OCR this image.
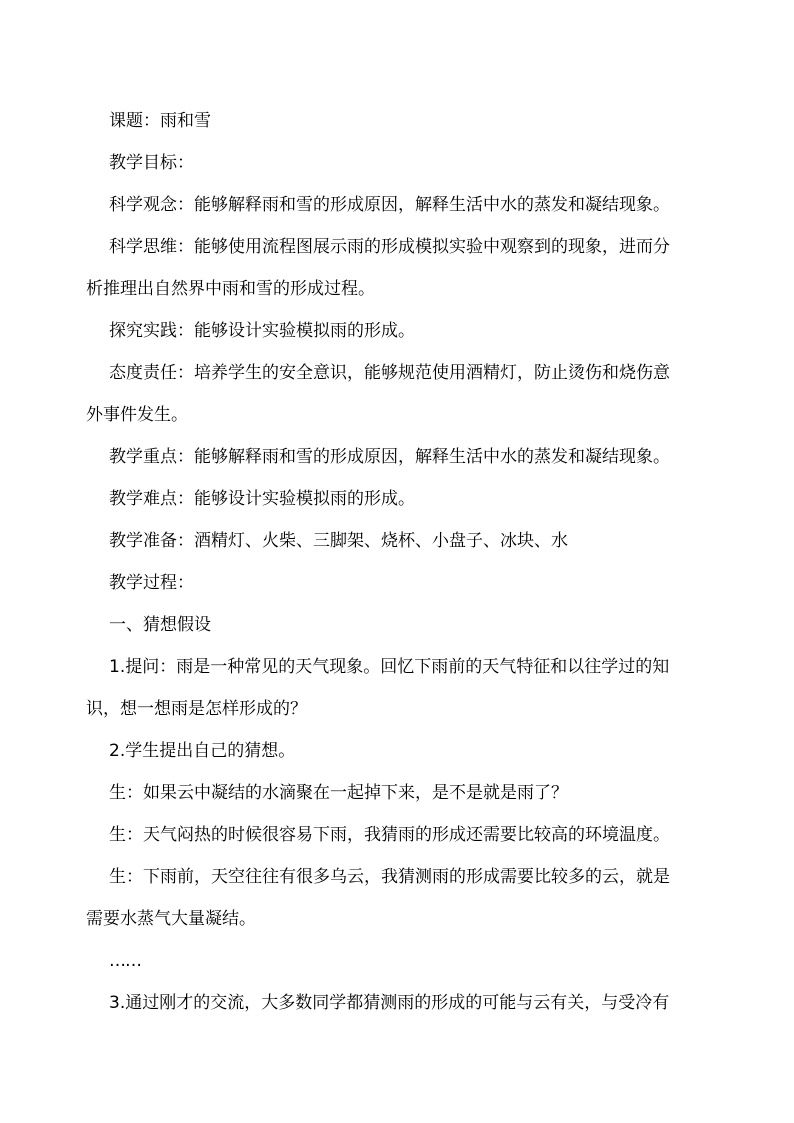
课题：雨和雪

教学目标：

科学观念：能够解释雨和雪的形成原因，解释生活中水的蒸发和凝结现象。

科学思维：能够使用流程图展示雨的形成模拟实验中观察到的现象，进而分

析推理出自然界中雨和雪的形成过程。

探究实践：能够设计实验模拟雨的形成。

态度责任：培养学生的安全意识，能够规范使用酒精灯，防止烫伤和烧伤意

外事件发生。

教学重点：能够解释雨和雪的形成原因，解释生活中水的蒸发和凝结现象。

教学难点：能够设计实验模拟雨的形成。

教学准备：酒精灯、火柴、三脚架、烧杯、小盘子、冰块、水

教学过程：

一、猜想假设

1.提问：雨是一种常见的天气现象。回忆下雨前的天气特征和以往学过的知

识，想一想雨是怎样形成的？

2.学生提出自己的猜想。

生：如果云中凝结的水滴聚在一起掉下来，是不是就是雨了？

生：天气闷热的时候很容易下雨，我猜雨的形成还需要比较高的环境温度。

生：下雨前，天空往往有很多乌云，我猜测雨的形成需要比较多的云，就是

需要水蒸气大量凝结。

……

3.通过刚才的交流，大多数同学都猜测雨的形成的可能与云有关，与受冷有
